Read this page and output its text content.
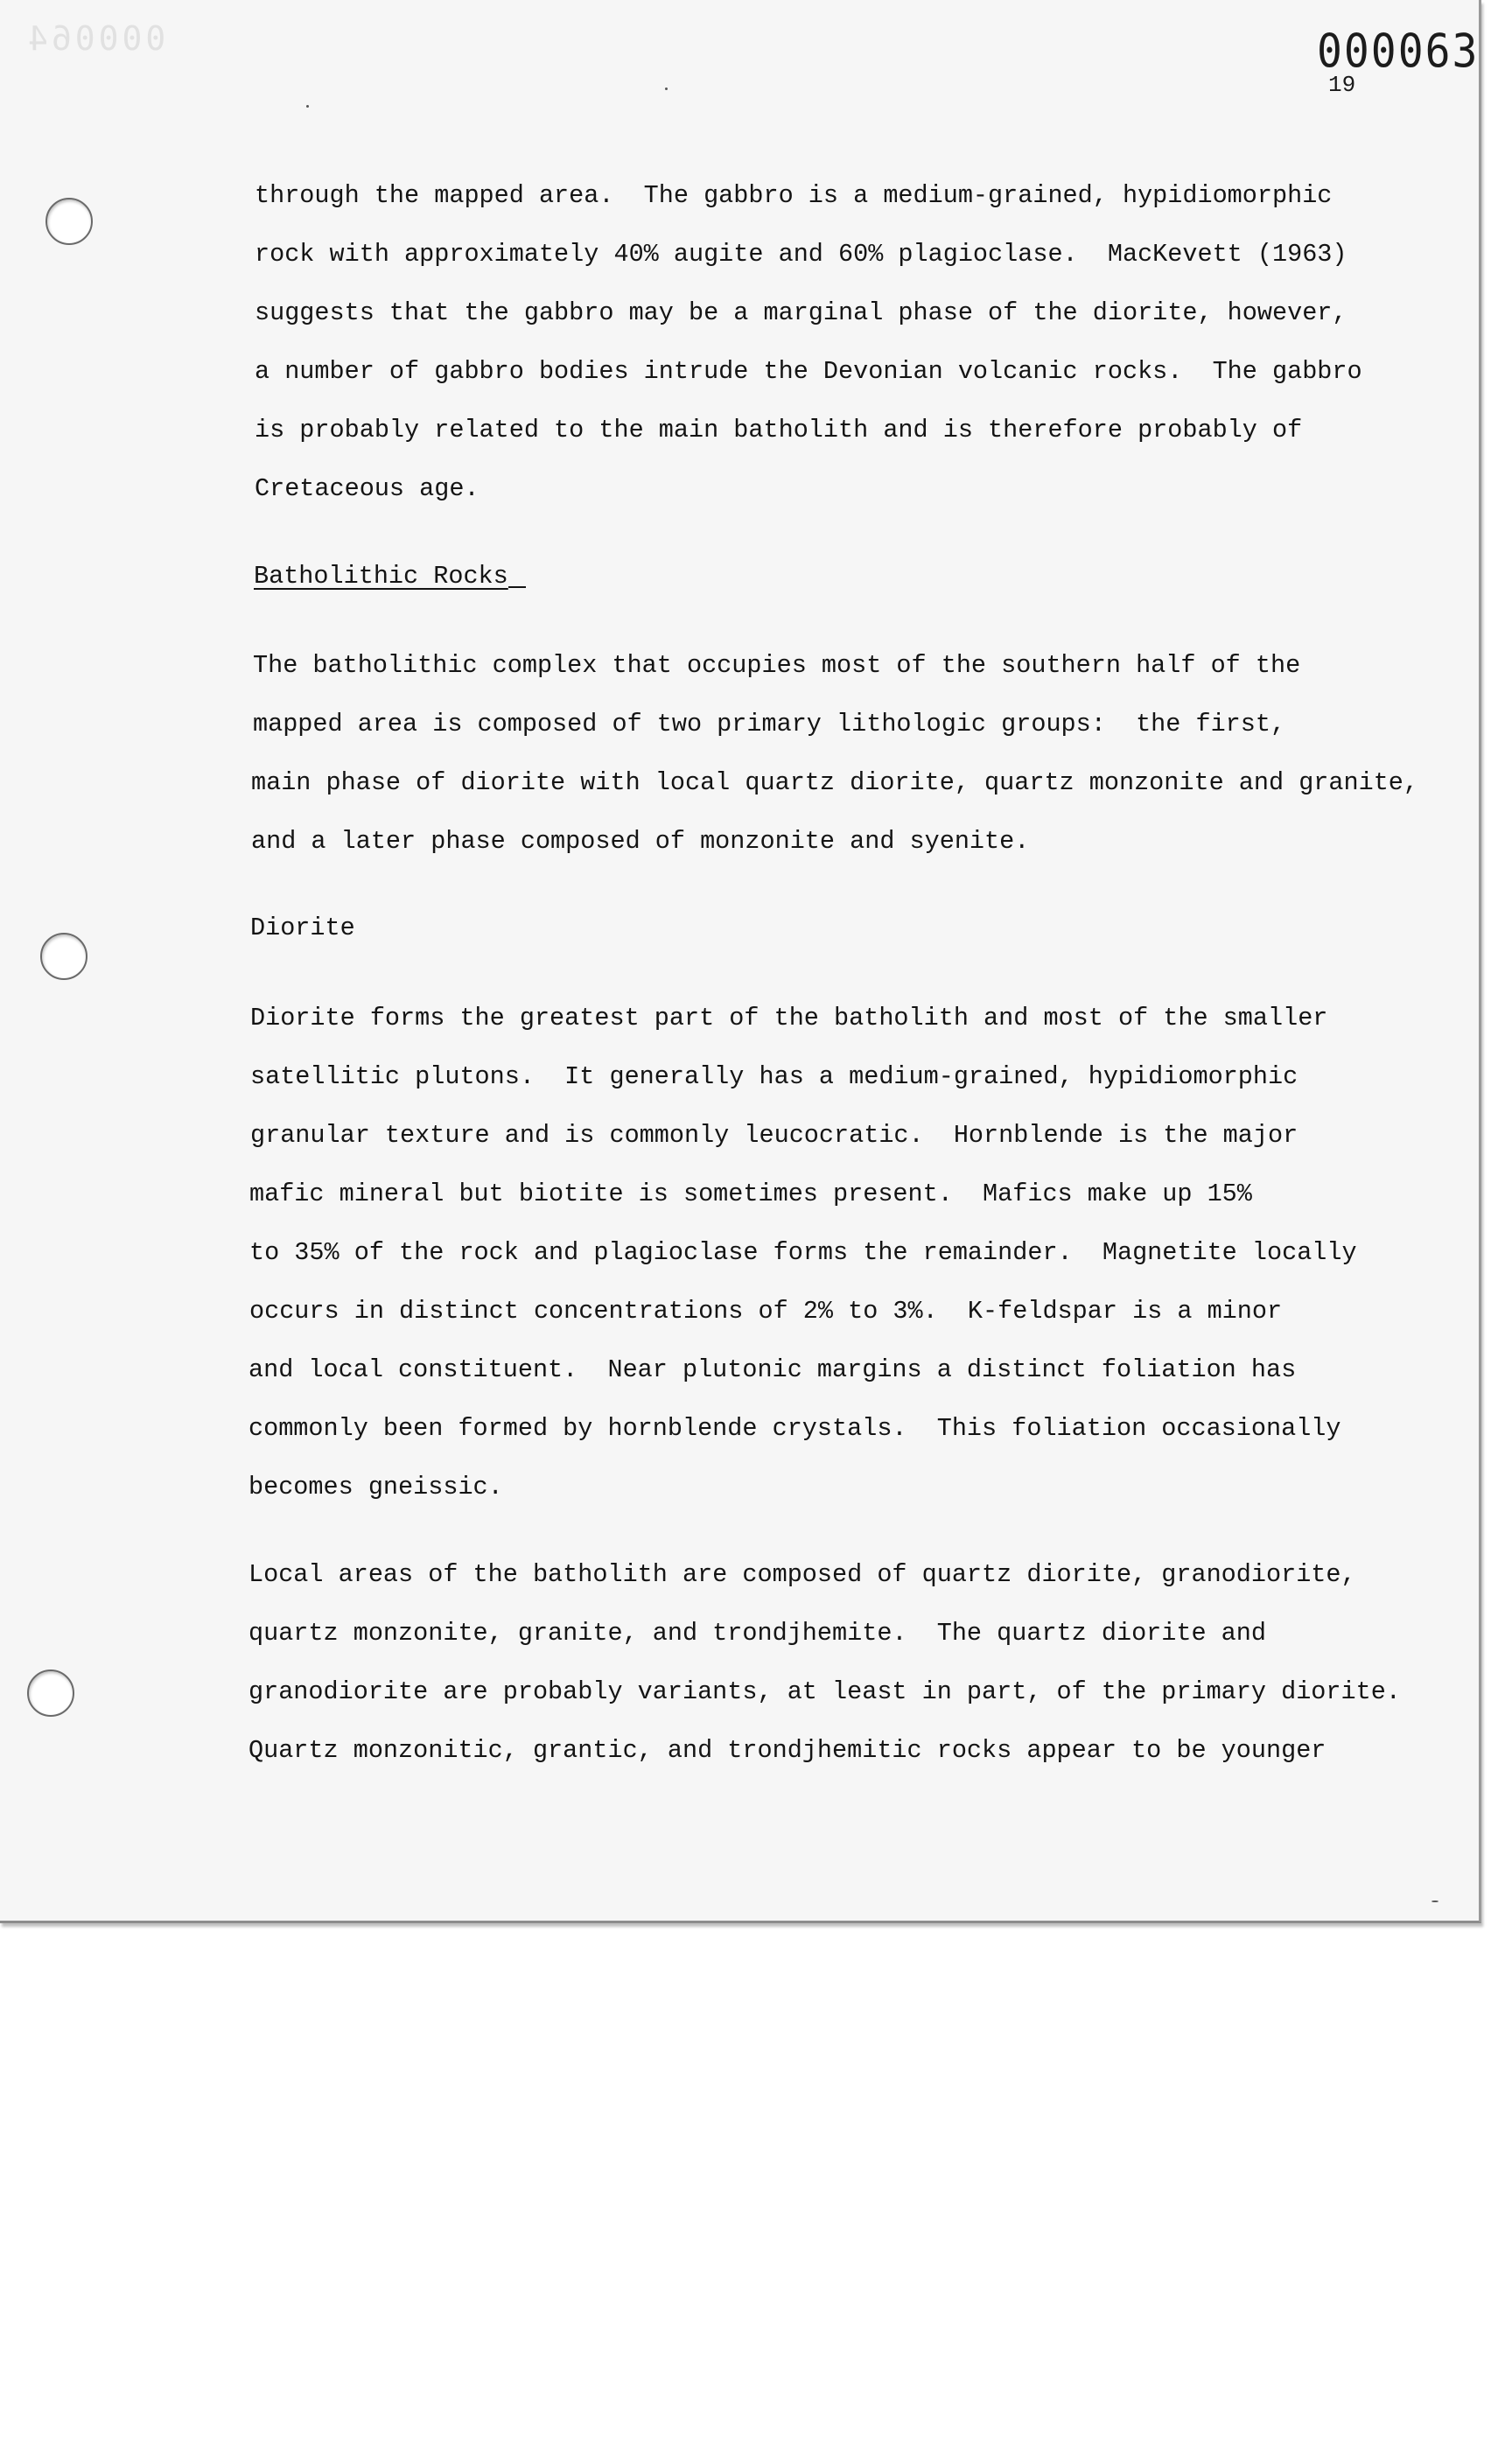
000064	000063
19
through the mapped area.  The gabbro is a medium-grained, hypidiomorphic
rock with approximately 40% augite and 60% plagioclase.  MacKevett (1963)
suggests that the gabbro may be a marginal phase of the diorite, however,
a number of gabbro bodies intrude the Devonian volcanic rocks.  The gabbro
is probably related to the main batholith and is therefore probably of
Cretaceous age.
Batholithic Rocks
The batholithic complex that occupies most of the southern half of the
mapped area is composed of two primary lithologic groups:  the first,
main phase of diorite with local quartz diorite, quartz monzonite and granite,
and a later phase composed of monzonite and syenite.
Diorite
Diorite forms the greatest part of the batholith and most of the smaller
satellitic plutons.  It generally has a medium-grained, hypidiomorphic
granular texture and is commonly leucocratic.  Hornblende is the major
mafic mineral but biotite is sometimes present.  Mafics make up 15%
to 35% of the rock and plagioclase forms the remainder.  Magnetite locally
occurs in distinct concentrations of 2% to 3%.  K-feldspar is a minor
and local constituent.  Near plutonic margins a distinct foliation has
commonly been formed by hornblende crystals.  This foliation occasionally
becomes gneissic.
Local areas of the batholith are composed of quartz diorite, granodiorite,
quartz monzonite, granite, and trondjhemite.  The quartz diorite and
granodiorite are probably variants, at least in part, of the primary diorite.
Quartz monzonitic, grantic, and trondjhemitic rocks appear to be younger
